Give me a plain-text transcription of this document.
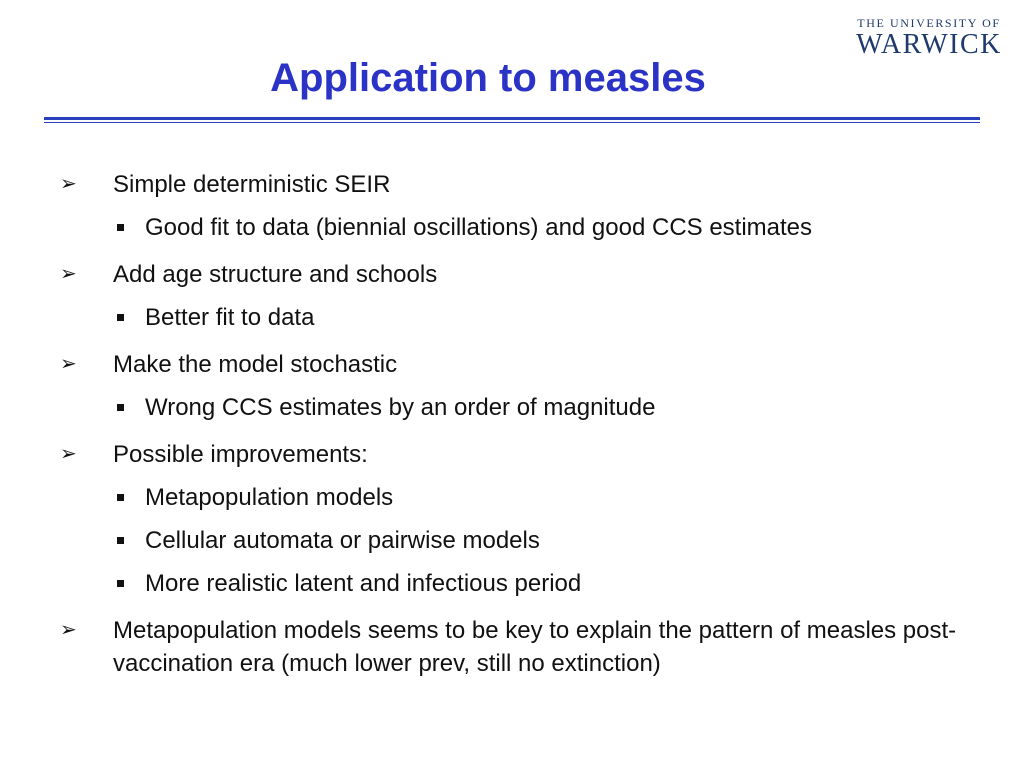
THE UNIVERSITY OF
WARWICK
Application to measles
➢	Simple deterministic SEIR
Good fit to data (biennial oscillations) and good CCS estimates
➢	Add age structure and schools
Better fit to data
➢	Make the model stochastic
Wrong CCS estimates by an order of magnitude
➢	Possible improvements:
Metapopulation models
Cellular automata or pairwise models
More realistic latent and infectious period
➢	Metapopulation models seems to be key to explain the pattern of measles post-vaccination era (much lower prev, still no extinction)
